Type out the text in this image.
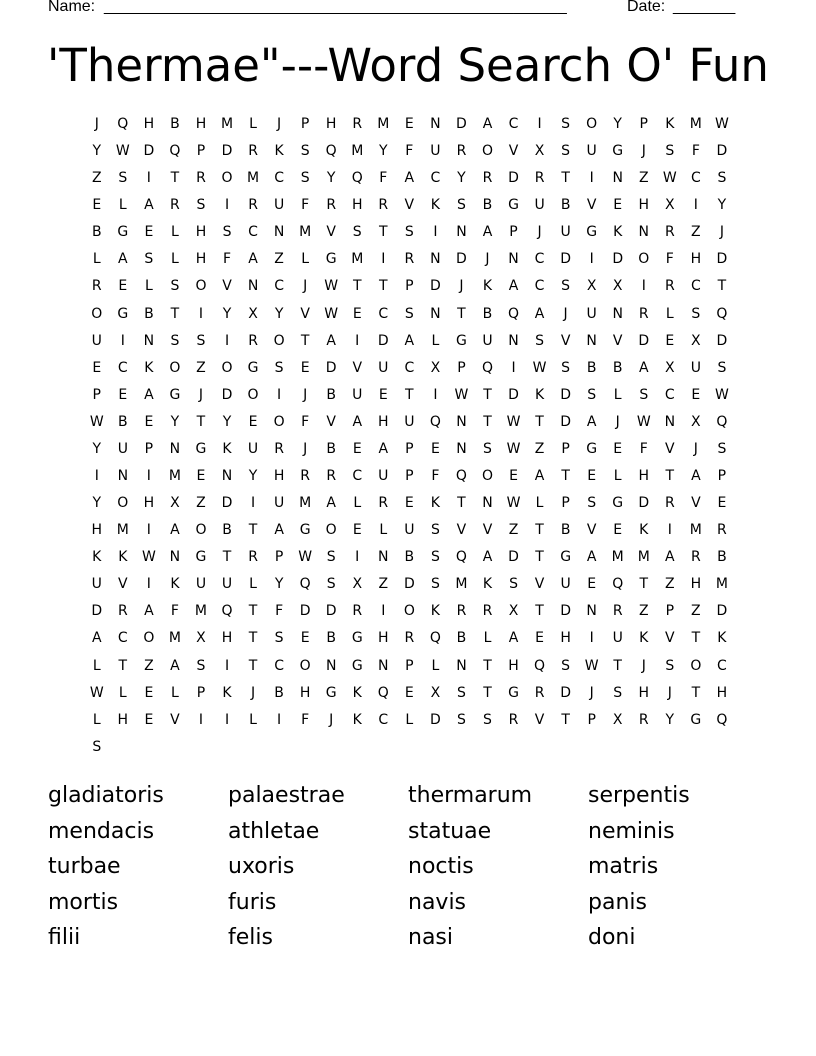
Name: ____________________________________________________	Date: _______
'Thermae"---Word Search O' Fun
J	Q	H	B	H	M	L	J	P	H	R	M	E	N	D	A	C	I	S	O	Y	P	K	M W
Y	W D	Q	P	D	R	K	S	Q M	Y	F	U	R	O	V	X	S	U	G	J	S	F	D
Z	S	I	T	R	O M	C	S	Y	Q	F	A	C	Y	R	D	R	T	I	N	Z W C	S
E	L	A	R	S	I	R	U	F	R	H	R	V	K	S	B	G	U	B	V	E	H	X	I	Y
B	G	E	L	H	S	C	N	M	V	S	T	S	I	N	A	P	J	U	G	K	N	R	Z	J
L	A	S	L	H	F	A	Z	L	G	M	I	R	N	D	J	N	C	D	I	D	O	F	H	D
R	E	L	S	O	V	N	C	J	W	T	T	P	D	J	K	A	C	S	X	X	I	R	C	T
O	G	B	T	I	Y	X	Y	V W	E	C	S	N	T	B	Q	A	J	U	N	R	L	S	Q
U	I	N	S	S	I	R	O	T	A	I	D	A	L	G	U	N	S	V	N	V	D	E	X	D
E	C	K	O	Z	O	G	S	E	D	V	U	C	X	P	Q	I	W	S	B	B	A	X	U	S
P	E	A	G	J	D	O	I	J	B	U	E	T	I	W	T	D	K	D	S	L	S	C	E	W
W B	E	Y	T	Y	E	O	F	V	A	H	U	Q	N	T	W	T	D	A	J	W N	X	Q
Y	U	P	N	G	K	U	R	J	B	E	A	P	E	N	S	W Z	P	G	E	F	V	J	S
I	N	I	M	E	N	Y	H	R	R	C	U	P	F	Q	O	E	A	T	E	L	H	T	A	P
Y	O	H	X	Z	D	I	U	M	A	L	R	E	K	T	N W	L	P	S	G	D	R	V	E
H	M	I	A	O	B	T	A	G	O	E	L	U	S	V	V	Z	T	B	V	E	K	I	M	R
K	K	W N	G	T	R	P	W	S	I	N	B	S	Q	A	D	T	G	A	M M	A	R	B
U	V	I	K	U	U	L	Y	Q	S	X	Z	D	S	M	K	S	V	U	E	Q	T	Z	H	M
D	R	A	F	M Q	T	F	D	D	R	I	O	K	R	R	X	T	D	N	R	Z	P	Z	D
A	C	O M	X	H	T	S	E	B	G	H	R	Q	B	L	A	E	H	I	U	K	V	T	K
L	T	Z	A	S	I	T	C	O	N	G	N	P	L	N	T	H	Q	S	W	T	J	S	O	C
W	L	E	L	P	K	J	B	H	G	K	Q	E	X	S	T	G	R	D	J	S	H	J	T	H
L	H	E	V	I	I	L	I	F	J	K	C	L	D	S	S	R	V	T	P	X	R	Y	G	Q
S
gladiatoris	palaestrae	thermarum	serpentis
mendacis	athletae	statuae	neminis
turbae	uxoris	noctis	matris
mortis	furis	navis	panis
filii	felis	nasi	doni
